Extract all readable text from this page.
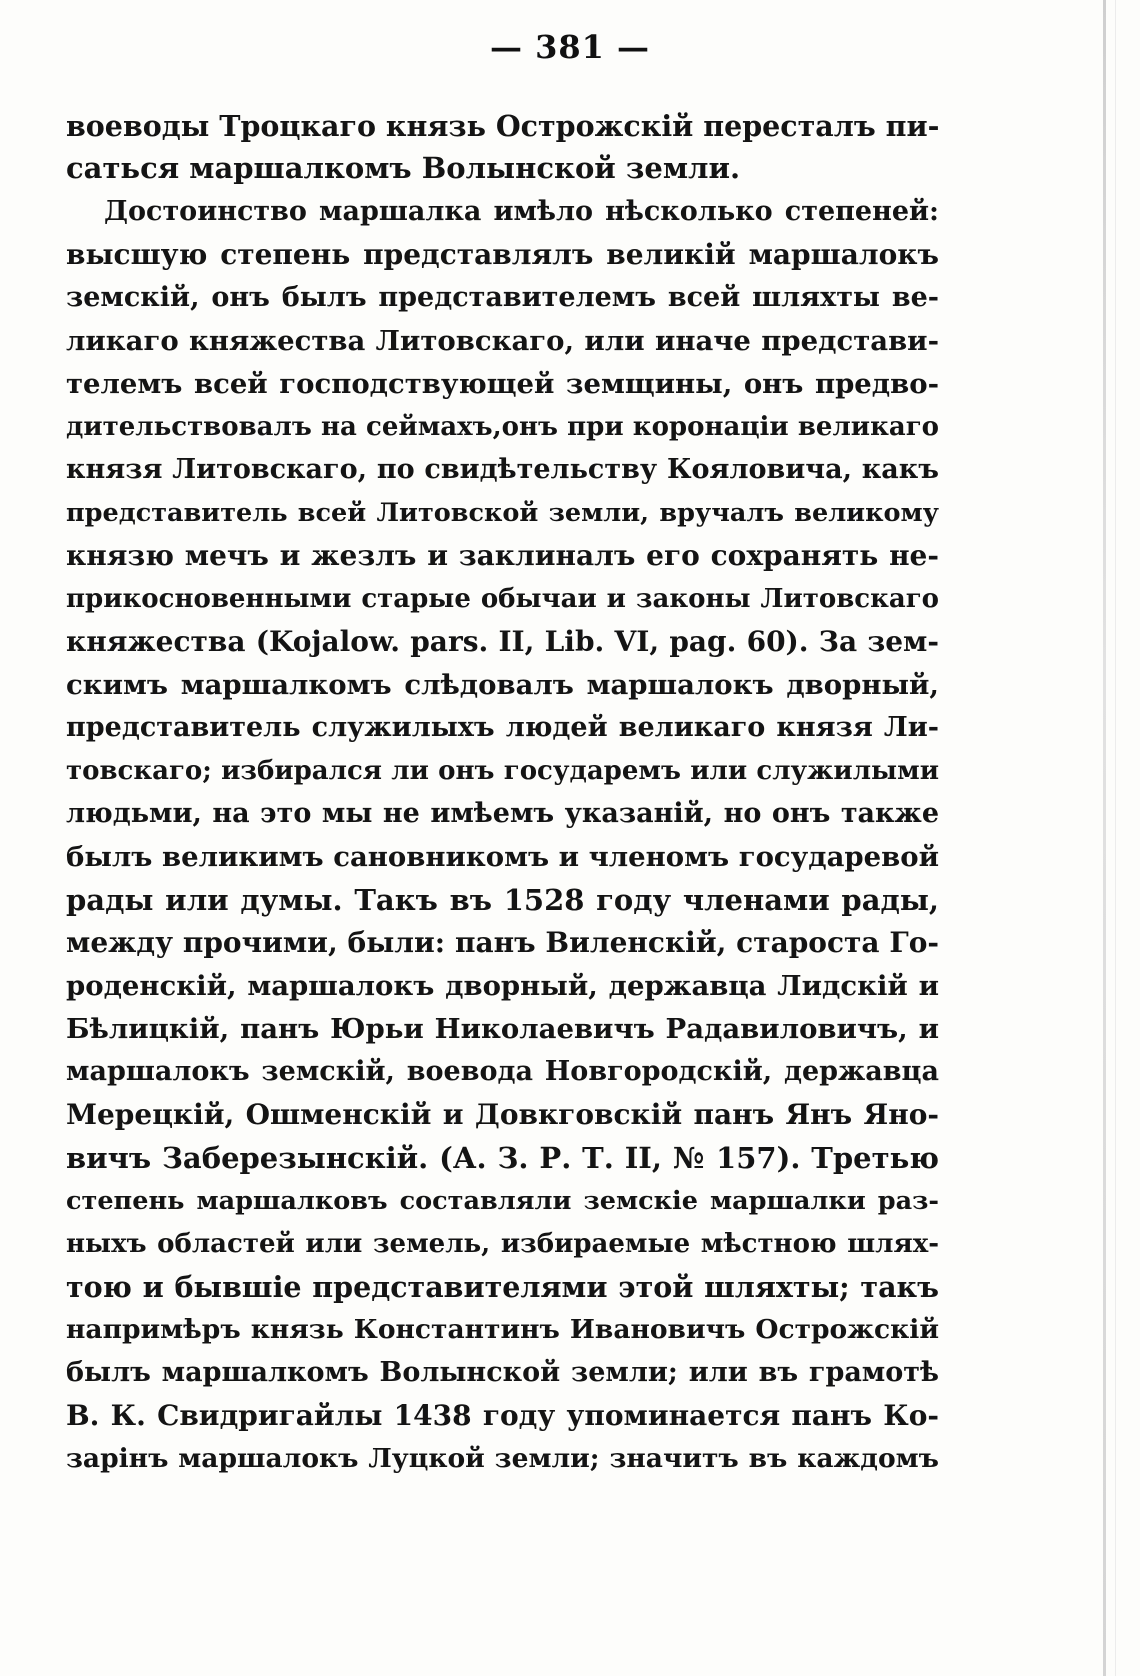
— 381 —
воеводы Троцкаго князь Острожскій пересталъ пи-
саться маршалкомъ Волынской земли.
Достоинство маршалка имѣло нѣсколько степеней:
высшую степень представлялъ великій маршалокъ
земскій, онъ былъ представителемъ всей шляхты ве-
ликаго княжества Литовскаго, или иначе представи-
телемъ всей господствующей земщины, онъ предво-
дительствовалъ на сеймахъ,онъ при коронаціи великаго
князя Литовскаго, по свидѣтельству Кояловича, какъ
представитель всей Литовской земли, вручалъ великому
князю мечъ и жезлъ и заклиналъ его сохранять не-
прикосновенными старые обычаи и законы Литовскаго
княжества (Kojalow. pars. II, Lib. VI, pag. 60). За зем-
скимъ маршалкомъ слѣдовалъ маршалокъ дворный,
представитель служилыхъ людей великаго князя Ли-
товскаго; избирался ли онъ государемъ или служилыми
людьми, на это мы не имѣемъ указаній, но онъ также
былъ великимъ сановникомъ и членомъ государевой
рады или думы. Такъ въ 1528 году членами рады,
между прочими, были: панъ Виленскій, староста Го-
роденскій, маршалокъ дворный, державца Лидскій и
Бѣлицкій, панъ Юрьи Николаевичъ Радавиловичъ, и
маршалокъ земскій, воевода Новгородскій, державца
Мерецкій, Ошменскій и Довкговскій панъ Янъ Яно-
вичъ Заберезынскій. (А. З. Р. Т. II, № 157). Третью
степень маршалковъ составляли земскіе маршалки раз-
ныхъ областей или земель, избираемые мѣстною шлях-
тою и бывшіе представителями этой шляхты; такъ
напримѣръ князь Константинъ Ивановичъ Острожскій
былъ маршалкомъ Волынской земли; или въ грамотѣ
В. К. Свидригайлы 1438 году упоминается панъ Ко-
зарінъ маршалокъ Луцкой земли; значитъ въ каждомъ
